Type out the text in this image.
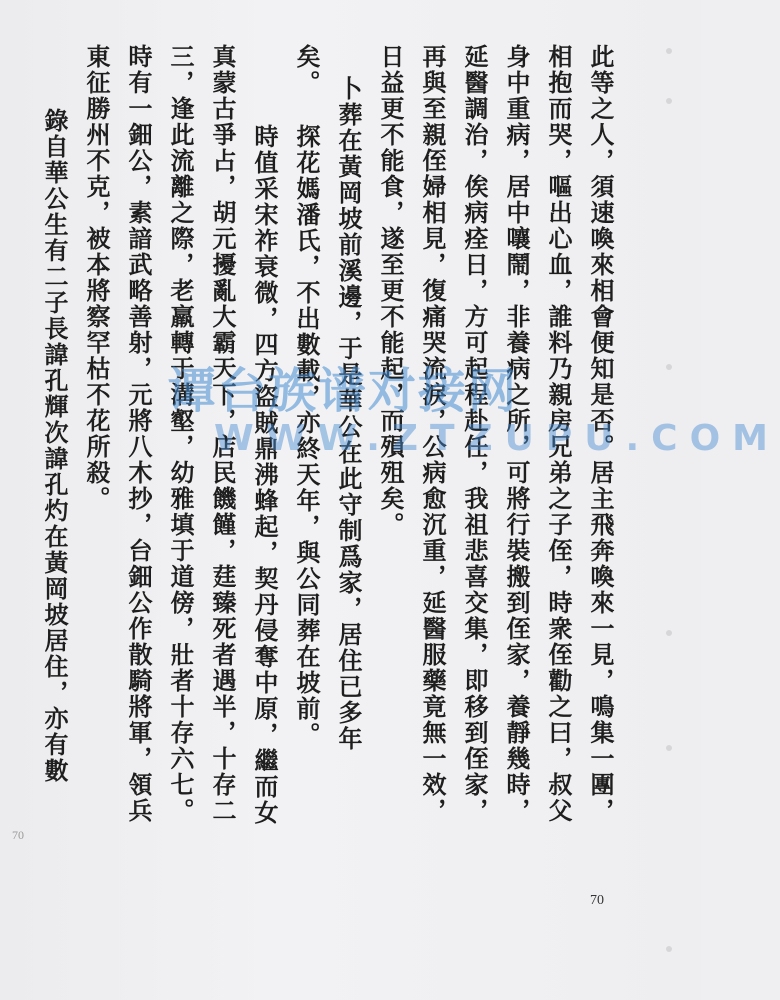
此等之人，須速喚來相會便知是否。居主飛奔喚來一見，鳴集一團，
相抱而哭，嘔出心血，誰料乃親房兄弟之子侄，時衆侄勸之曰，叔父
身中重病，居中嚷鬧，非養病之所，可將行裝搬到侄家，養靜幾時，
延醫調治，俟病痊日，方可起程赴任，我祖悲喜交集，即移到侄家，
再與至親侄婦相見，復痛哭流淚，公病愈沉重，延醫服藥竟無一效，
日益更不能食，遂至更不能起，而殞殂矣。
卜葬在黃岡坡前溪邊，于是華公在此守制爲家，居住已多年
矣。
探花媽潘氏，不出數載，亦終天年，與公同葬在坡前。
時值采宋祚衰微，四方盜賊鼎沸蜂起，契丹侵奪中原，繼而女
真蒙古爭占，胡元擾亂大霸天下，店民饑饉，莛臻死者遇半，十存二
三，逢此流離之際，老羸轉于溝壑，幼雅填于道傍，壯者十存六七。
時有一鈿公，素諳武略善射，元將八木抄，台鈿公作散騎將軍，領兵
東征勝州不克，被本將察罕枯不花所殺。
錄自華公生有二子長諱孔輝次諱孔灼在黃岡坡居住，亦有數 谭台族谱对接网
WWW.ZTZUPU.COM
70
70
